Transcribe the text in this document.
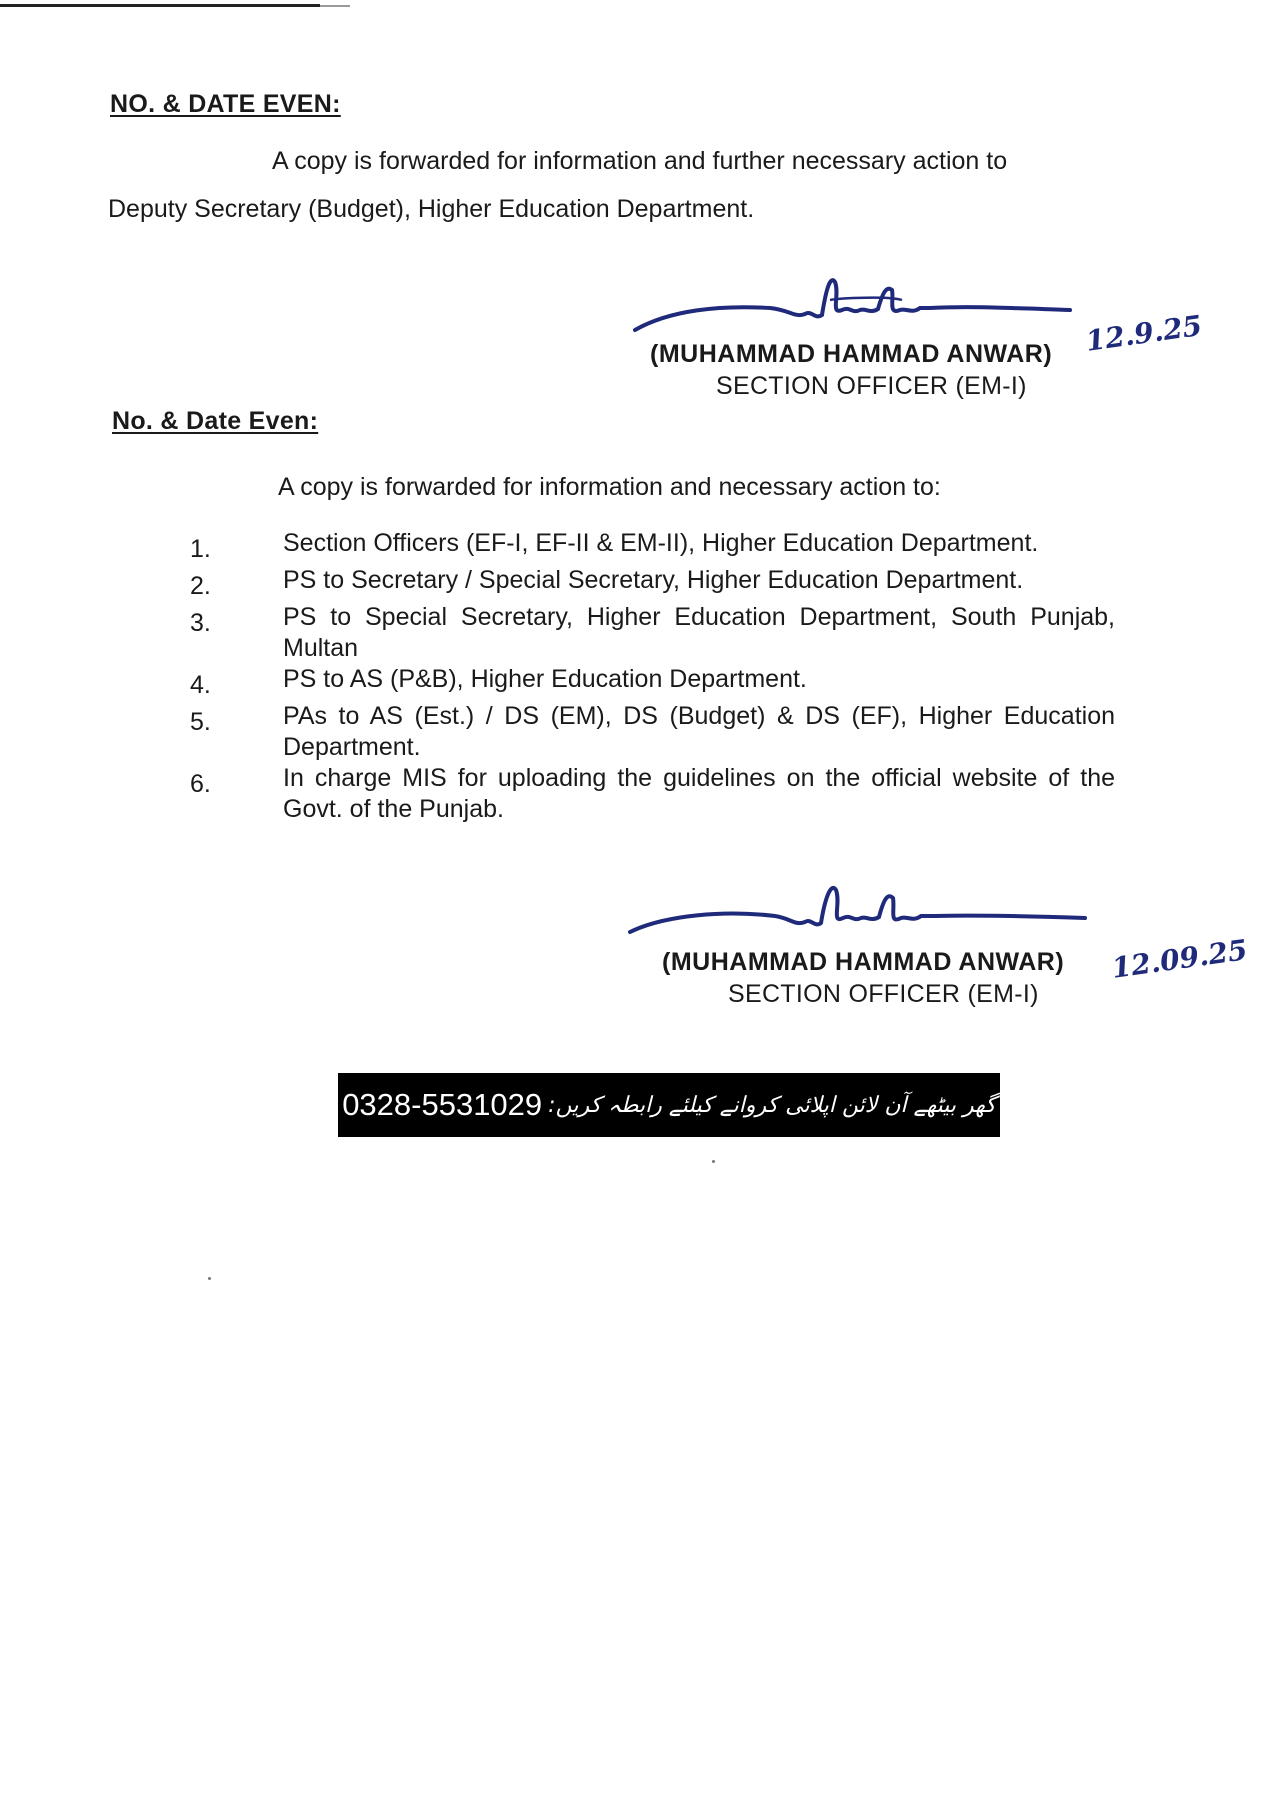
NO. & DATE EVEN:
A copy is forwarded for information and further necessary action to
Deputy Secretary (Budget), Higher Education Department.
(MUHAMMAD HAMMAD ANWAR)
SECTION OFFICER (EM-I)
12.9.25
No. & Date Even:
A copy is forwarded for information and necessary action to:
1.	Section Officers (EF-I, EF-II & EM-II), Higher Education Department.
2.	PS to Secretary / Special Secretary, Higher Education Department.
3.	PS to Special Secretary, Higher Education Department, South Punjab, Multan
4.	PS to AS (P&B), Higher Education Department.
5.	PAs to AS (Est.) / DS (EM), DS (Budget) & DS (EF), Higher Education Department.
6.	In charge MIS for uploading the guidelines on the official website of the Govt. of the Punjab.
(MUHAMMAD HAMMAD ANWAR)
SECTION OFFICER (EM-I)
12.09.25
0328-5531029 گھر بیٹھے آن لائن اپلائی کروانے کیلئے رابطہ کریں:
